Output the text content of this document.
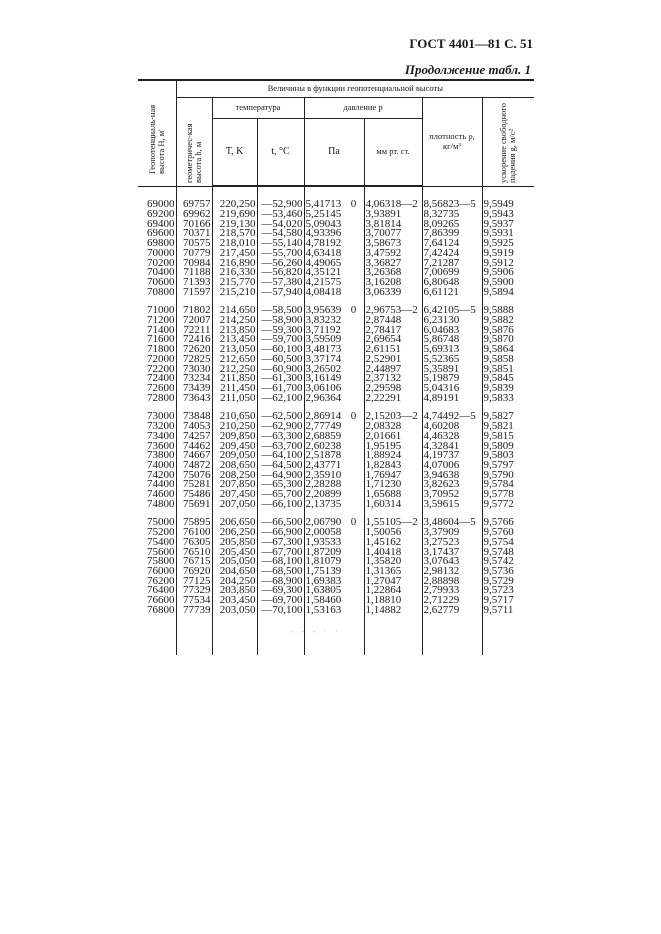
ГОСТ 4401—81 С. 51
Продолжение табл. 1
Геопотенциаль-ная высота H, м'	Величины в функции геопотенциальной высоты						
	геометричес-кая высота h, м	температура		давление p		плотность ρ, кг/м³	ускорение свободного падения g, м/с²
		T, K	t, °C	Па	мм рт. ст.		
69000	69757	220,250	—52,900	5,41713 0	4,06318—2	8,56823—5	9,5949
69200	69962	219,690	—53,460	5,25145	3,93891	8,32735	9,5943
69400	70166	219,130	—54,020	5,09043	3,81814	8,09265	9,5937
69600	70371	218,570	—54,580	4,93396	3,70077	7,86399	9,5931
69800	70575	218,010	—55,140	4,78192	3,58673	7,64124	9,5925
70000	70779	217,450	—55,700	4,63418	3,47592	7,42424	9,5919
70200	70984	216,890	—56,260	4,49065	3,36827	7,21287	9,5912
70400	71188	216,330	—56,820	4,35121	3,26368	7,00699	9,5906
70600	71393	215,770	—57,380	4,21575	3,16208	6,80648	9,5900
70800	71597	215,210	—57,940	4,08418	3,06339	6,61121	9,5894

71000	71802	214,650	—58,500	3,95639 0	2,96753—2	6,42105—5	9,5888
71200	72007	214,250	—58,900	3,83232	2,87448	6,23130	9,5882
71400	72211	213,850	—59,300	3,71192	2,78417	6,04683	9,5876
71600	72416	213,450	—59,700	3,59509	2,69654	5,86748	9,5870
71800	72620	213,050	—60,100	3,48173	2,61151	5,69313	9,5864
72000	72825	212,650	—60,500	3,37174	2,52901	5,52365	9,5858
72200	73030	212,250	—60,900	3,26502	2,44897	5,35891	9,5851
72400	73234	211,850	—61,300	3,16149	2,37132	5,19879	9,5845
72600	73439	211,450	—61,700	3,06106	2,29598	5,04316	9,5839
72800	73643	211,050	—62,100	2,96364	2,22291	4,89191	9,5833

73000	73848	210,650	—62,500	2,86914 0	2,15203—2	4,74492—5	9,5827
73200	74053	210,250	—62,900	2,77749	2,08328	4,60208	9,5821
73400	74257	209,850	—63,300	2,68859	2,01661	4,46328	9,5815
73600	74462	209,450	—63,700	2,60238	1,95195	4,32841	9,5809
73800	74667	209,050	—64,100	2,51878	1,88924	4,19737	9,5803
74000	74872	208,650	—64,500	2,43771	1,82843	4,07006	9,5797
74200	75076	208,250	—64,900	2,35910	1,76947	3,94638	9,5790
74400	75281	207,850	—65,300	2,28288	1,71230	3,82623	9,5784
74600	75486	207,450	—65,700	2,20899	1,65688	3,70952	9,5778
74800	75691	207,050	—66,100	2,13735	1,60314	3,59615	9,5772

75000	75895	206,650	—66,500	2,06790 0	1,55105—2	3,48604—5	9,5766
75200	76100	206,250	—66,900	2,00058	1,50056	3,37909	9,5760
75400	76305	205,850	—67,300	1,93533	1,45162	3,27523	9,5754
75600	76510	205,450	—67,700	1,87209	1,40418	3,17437	9,5748
75800	76715	205,050	—68,100	1,81079	1,35820	3,07643	9,5742
76000	76920	204,650	—68,500	1,75139	1,31365	2,98132	9,5736
76200	77125	204,250	—68,900	1,69383	1,27047	2,88898	9,5729
76400	77329	203,850	—69,300	1,63805	1,22864	2,79933	9,5723
76600	77534	203,450	—69,700	1,58460	1,18810	2,71229	9,5717
76800	77739	203,050	—70,100	1,53163	1,14882	2,62779	9,5711

- - - · ·
